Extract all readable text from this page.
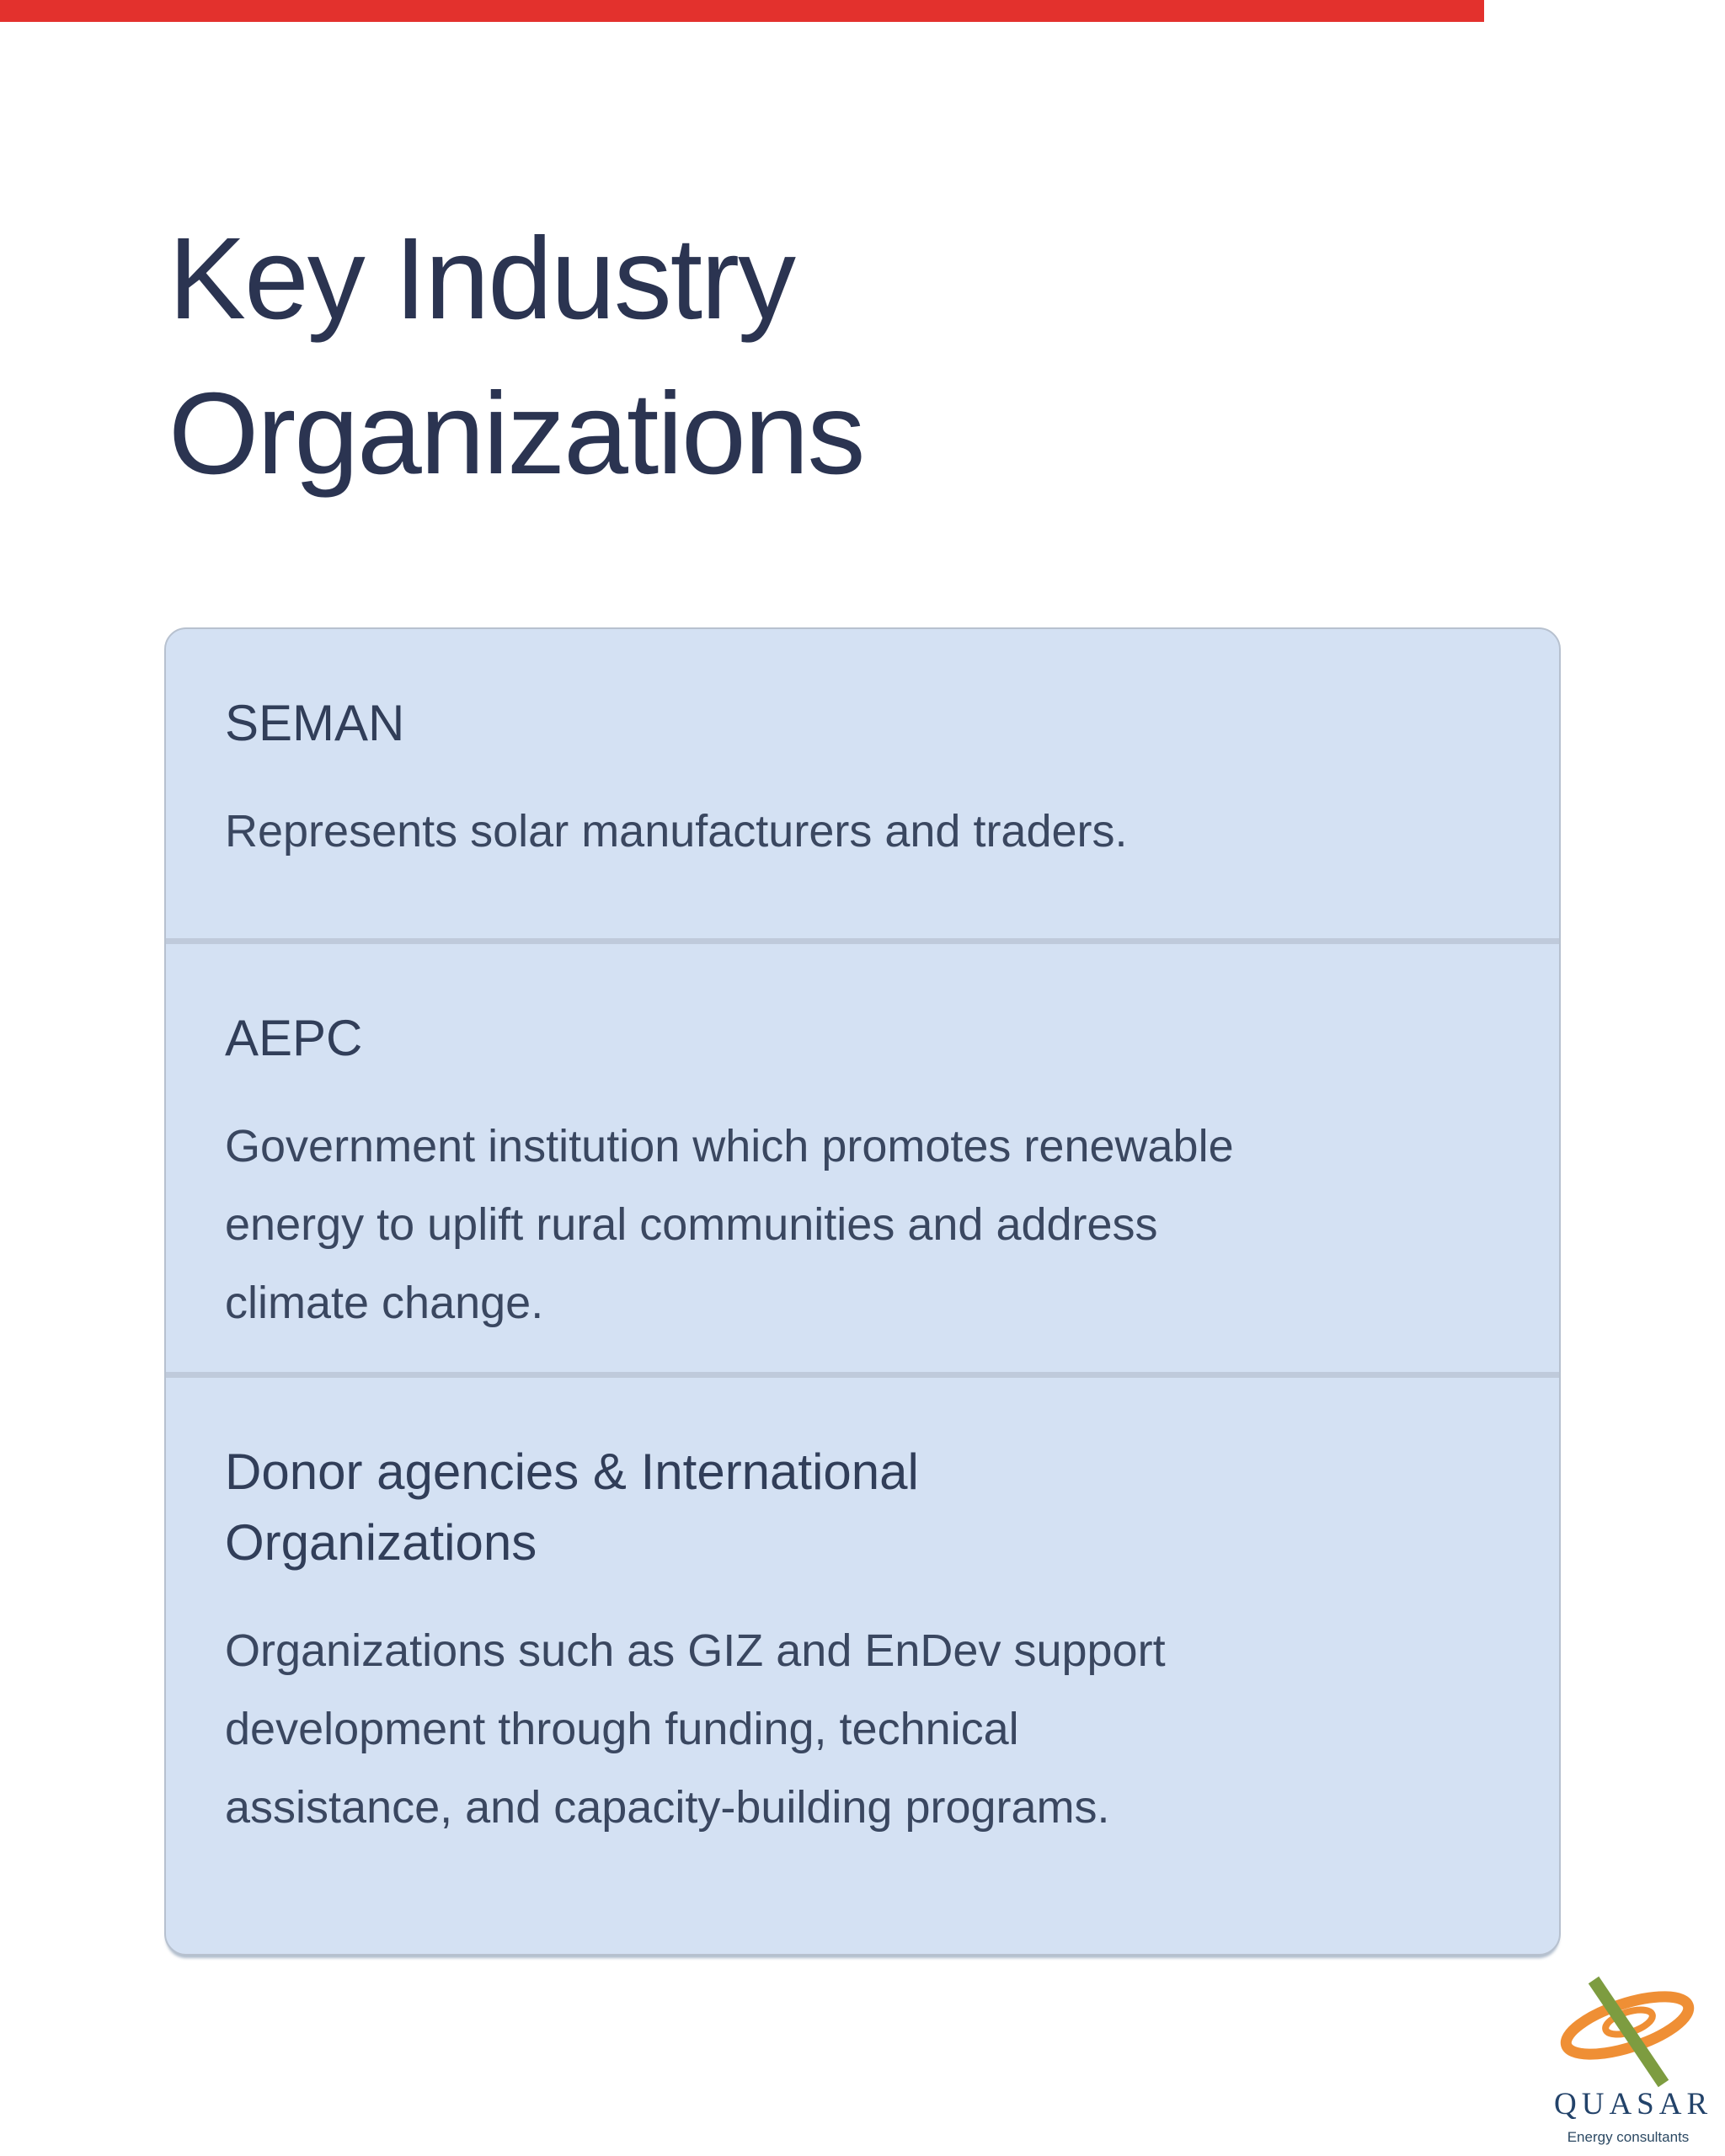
Key Industry
Organizations
SEMAN

Represents solar manufacturers and traders.

AEPC

Government institution which promotes renewable
energy to uplift rural communities and address
climate change.

Donor agencies & International
Organizations

Organizations such as GIZ and EnDev support
development through funding, technical
assistance, and capacity-building programs.

QUASAR
Energy consultants
